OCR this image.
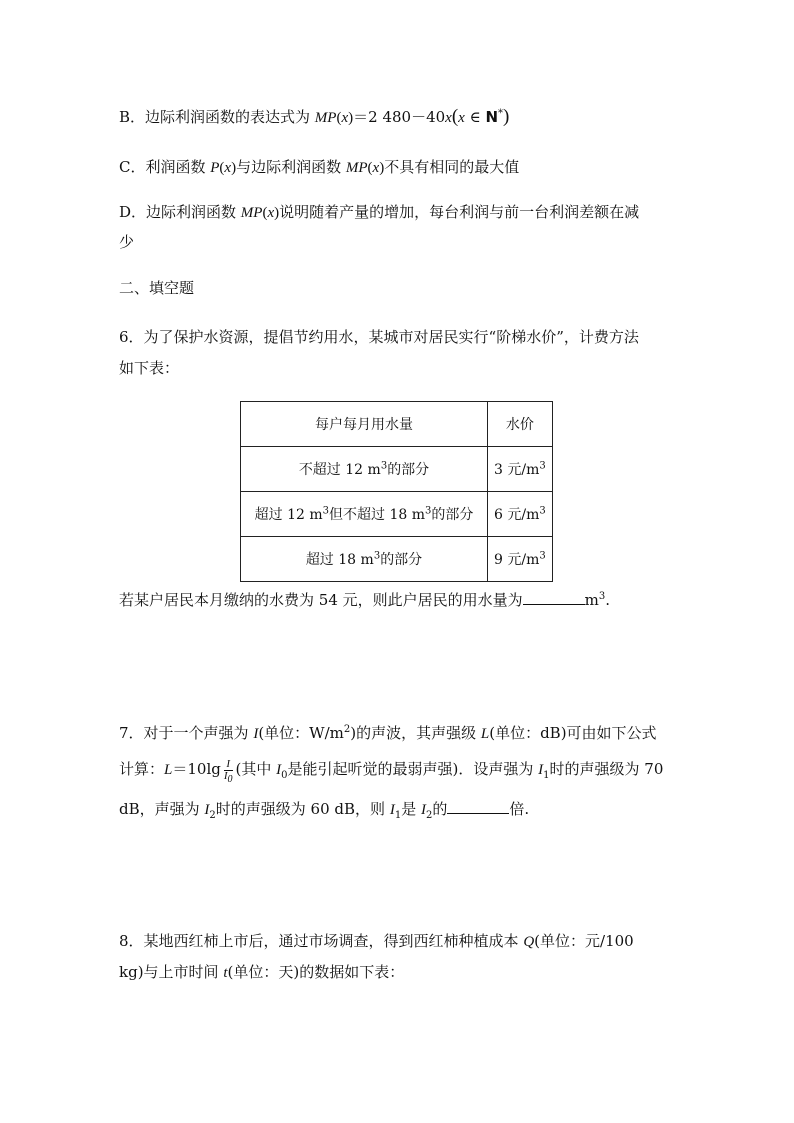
B．边际利润函数的表达式为 MP(x)＝2 480－40x(x ∈ N*)
C．利润函数 P(x)与边际利润函数 MP(x)不具有相同的最大值
D．边际利润函数 MP(x)说明随着产量的增加，每台利润与前一台利润差额在减
少
二、填空题
6．为了保护水资源，提倡节约用水，某城市对居民实行“阶梯水价”，计费方法
如下表：
每户每月用水量	水价
不超过 12 $m^3$的部分	3 元$/m^3$
超过 12 $m^3$但不超过 18 $m^3$的部分	6 元$/m^3$
超过 18 $m^3$的部分	9 元$/m^3$
若某户居民本月缴纳的水费为 54 元，则此户居民的用水量为	$m^3$.
7．对于一个声强为 I(单位：$W/m^2$)的声波，其声强级 L(单位：dB)可由如下公式
计算：$L=10\lg \frac{I}{I_0}$ (其中 $I_0$是能引起听觉的最弱声强)．设声强为 $I_1$时的声强级为 70
dB，声强为 $I_2$时的声强级为 60 dB，则 $I_1$是 $I_2$的	倍.
8．某地西红柿上市后，通过市场调查，得到西红柿种植成本 Q(单位：元/100
kg)与上市时间 t(单位：天)的数据如下表：
